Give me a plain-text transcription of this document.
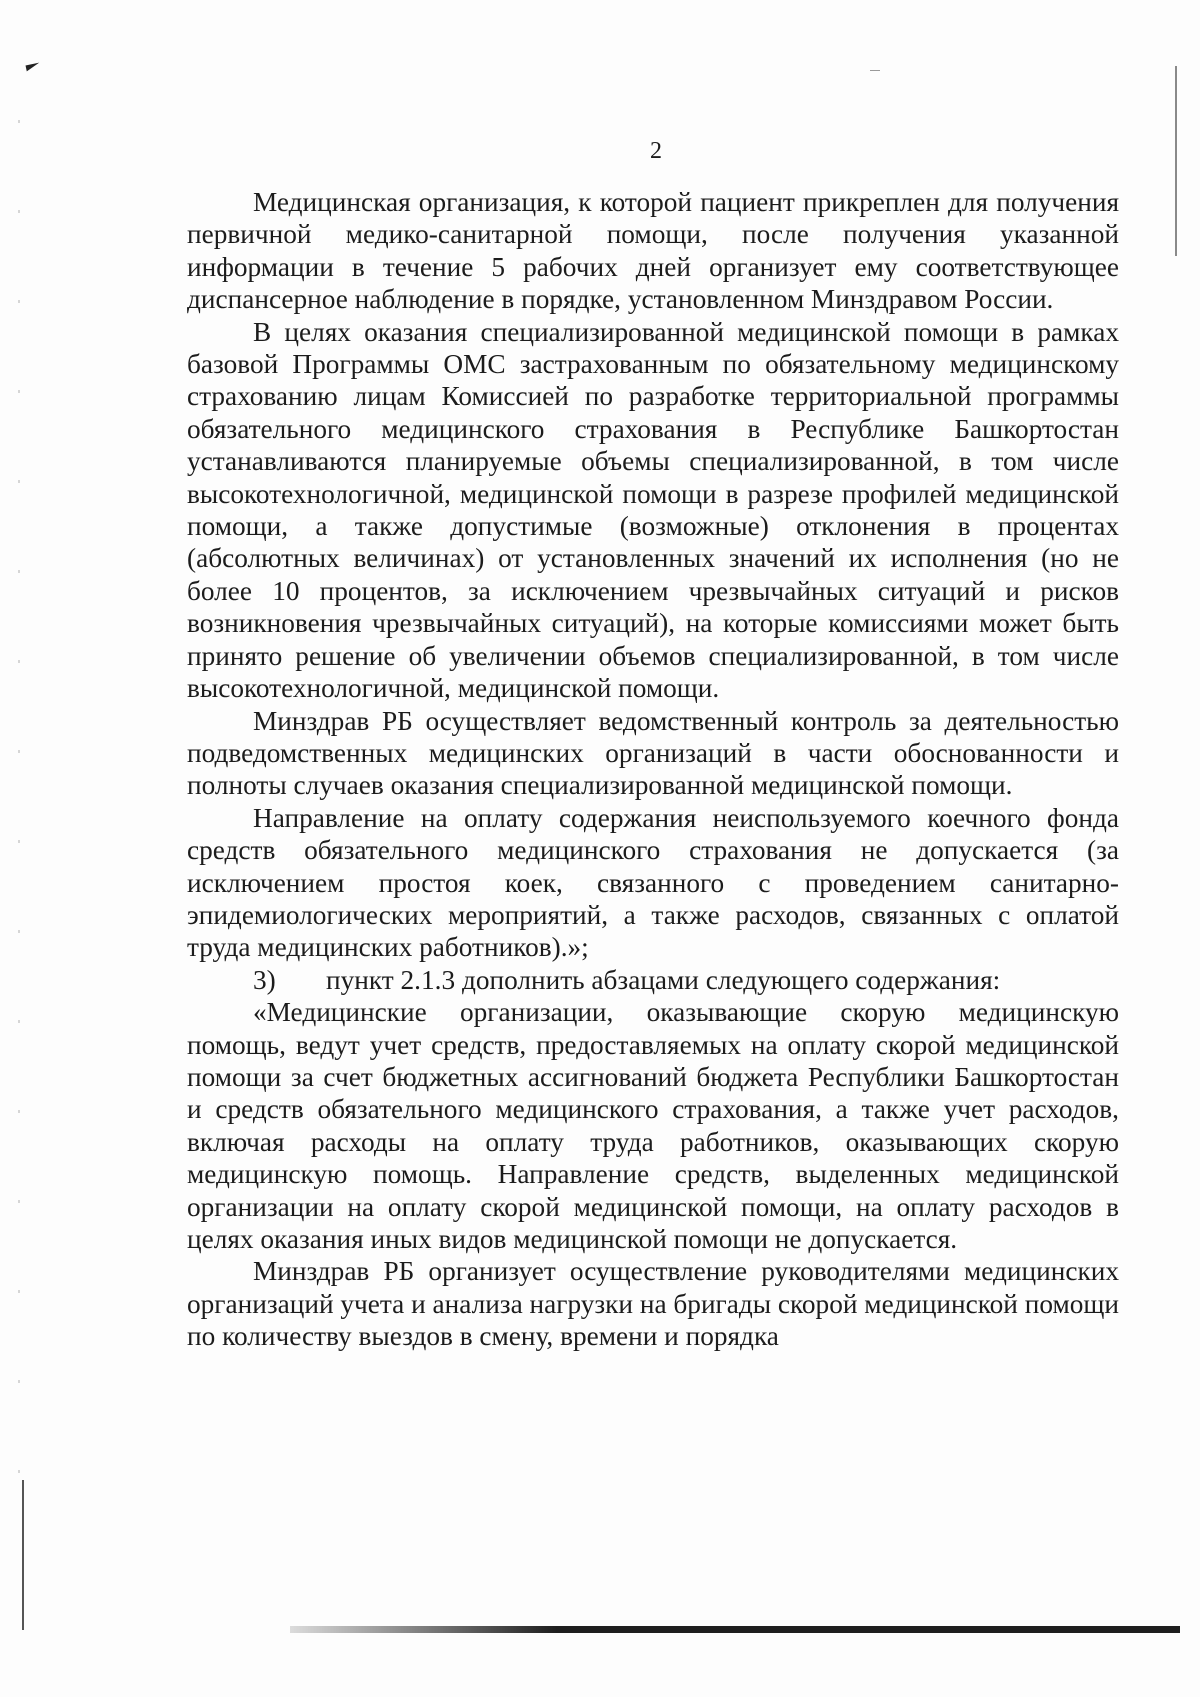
2

Медицинская организация, к которой пациент прикреплен для получения первичной медико-санитарной помощи, после получения указанной информации в течение 5 рабочих дней организует ему соответствующее диспансерное наблюдение в порядке, установленном Минздравом России.

В целях оказания специализированной медицинской помощи в рамках базовой Программы ОМС застрахованным по обязательному медицинскому страхованию лицам Комиссией по разработке территориальной программы обязательного медицинского страхования в Республике Башкортостан устанавливаются планируемые объемы специализированной, в том числе высокотехнологичной, медицинской помощи в разрезе профилей медицинской помощи, а также допустимые (возможные) отклонения в процентах (абсолютных величинах) от установленных значений их исполнения (но не более 10 процентов, за исключением чрезвычайных ситуаций и рисков возникновения чрезвычайных ситуаций), на которые комиссиями может быть принято решение об увеличении объемов специализированной, в том числе высокотехнологичной, медицинской помощи.

Минздрав РБ осуществляет ведомственный контроль за деятельностью подведомственных медицинских организаций в части обоснованности и полноты случаев оказания специализированной медицинской помощи.

Направление на оплату содержания неиспользуемого коечного фонда средств обязательного медицинского страхования не допускается (за исключением простоя коек, связанного с проведением санитарно-эпидемиологических мероприятий, а также расходов, связанных с оплатой труда медицинских работников).»;

3) пункт 2.1.3 дополнить абзацами следующего содержания:

«Медицинские организации, оказывающие скорую медицинскую помощь, ведут учет средств, предоставляемых на оплату скорой медицинской помощи за счет бюджетных ассигнований бюджета Республики Башкортостан и средств обязательного медицинского страхования, а также учет расходов, включая расходы на оплату труда работников, оказывающих скорую медицинскую помощь. Направление средств, выделенных медицинской организации на оплату скорой медицинской помощи, на оплату расходов в целях оказания иных видов медицинской помощи не допускается.

Минздрав РБ организует осуществление руководителями медицинских организаций учета и анализа нагрузки на бригады скорой медицинской помощи по количеству выездов в смену, времени и порядка
